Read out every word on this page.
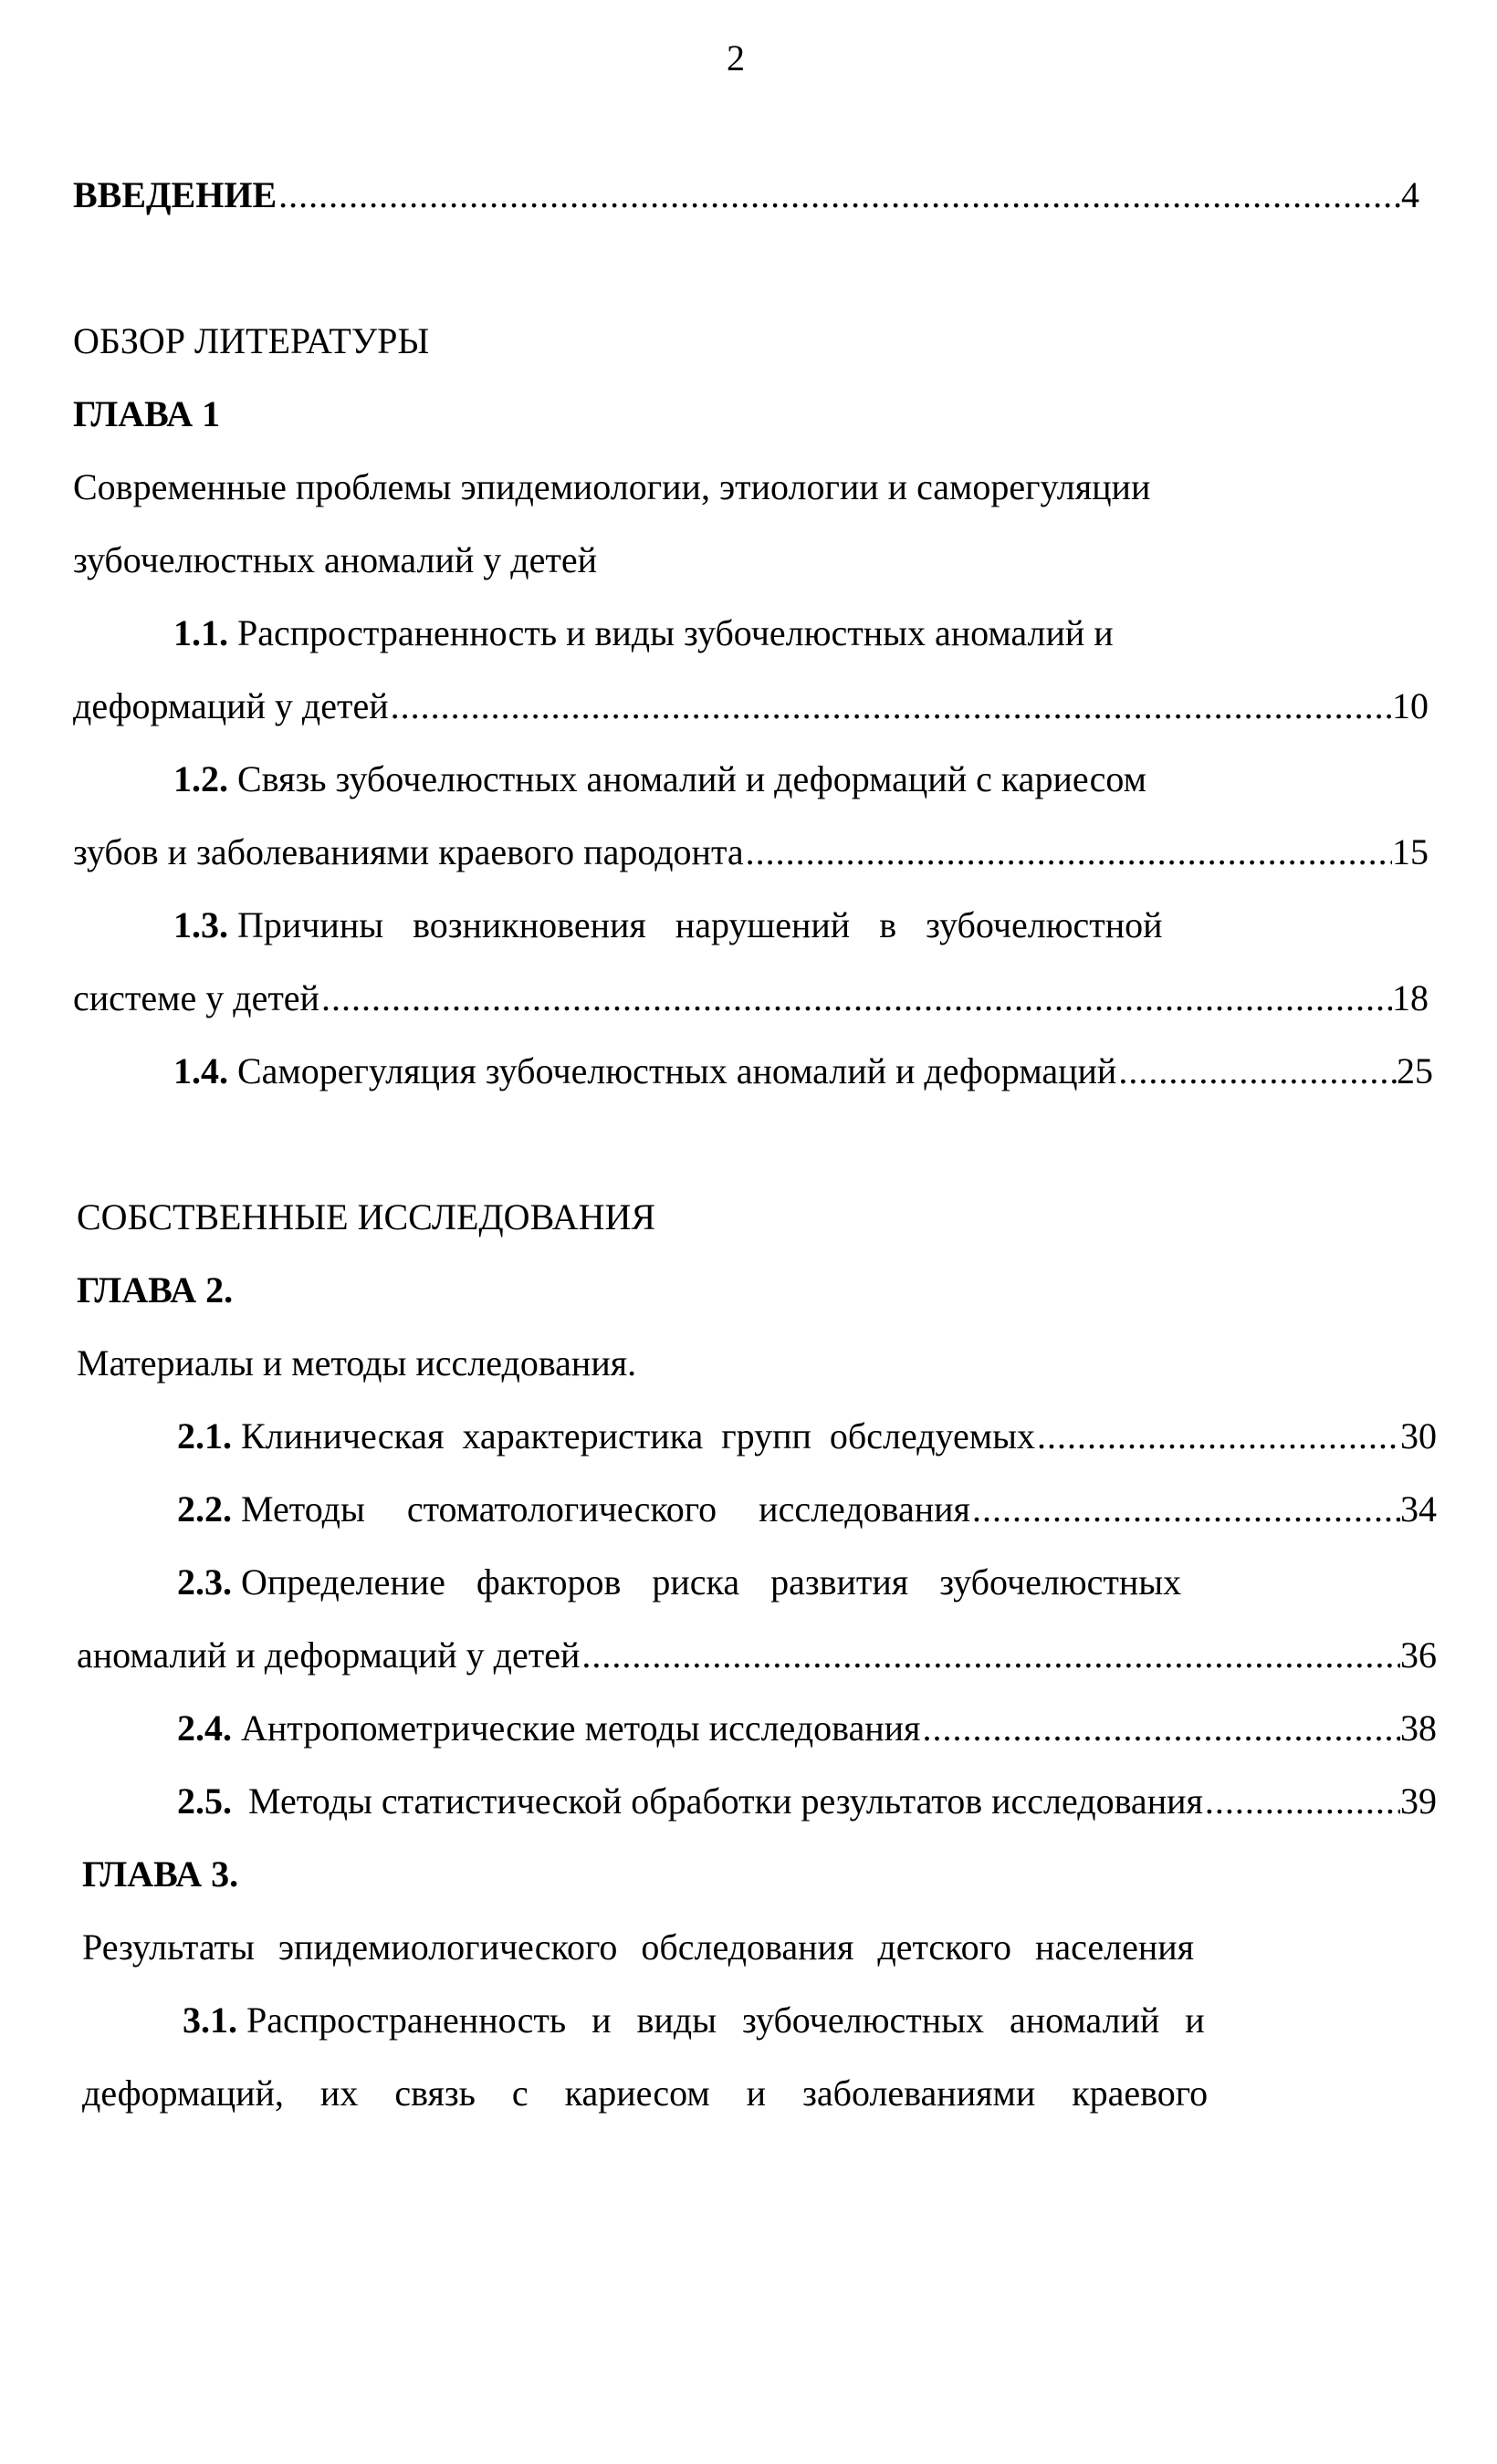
2
ВВЕДЕНИЕ .....	4
ОБЗОР ЛИТЕРАТУРЫ
ГЛАВА 1
Современные проблемы эпидемиологии, этиологии и саморегуляции
зубочелюстных аномалий у детей
1.1. Распространенность и виды зубочелюстных аномалий и
деформаций у детей .....	10
1.2. Связь зубочелюстных аномалий и деформаций с кариесом
зубов и заболеваниями краевого пародонта .....	15
1.3. Причины возникновения нарушений в зубочелюстной
системе у детей .....	18
1.4. Саморегуляция зубочелюстных аномалий и деформаций .....	25
СОБСТВЕННЫЕ ИССЛЕДОВАНИЯ
ГЛАВА 2.
Материалы и методы исследования.
2.1. Клиническая характеристика групп обследуемых .....	30
2.2. Методы стоматологического исследования .....	34
2.3. Определение факторов риска развития зубочелюстных
аномалий и деформаций у детей .....	36
2.4. Антропометрические методы исследования .....	38
2.5. Методы статистической обработки результатов исследования .....	39
ГЛАВА 3.
Результаты эпидемиологического обследования детского населения
3.1. Распространенность и виды зубочелюстных аномалий и
деформаций, их связь с кариесом и заболеваниями краевого
